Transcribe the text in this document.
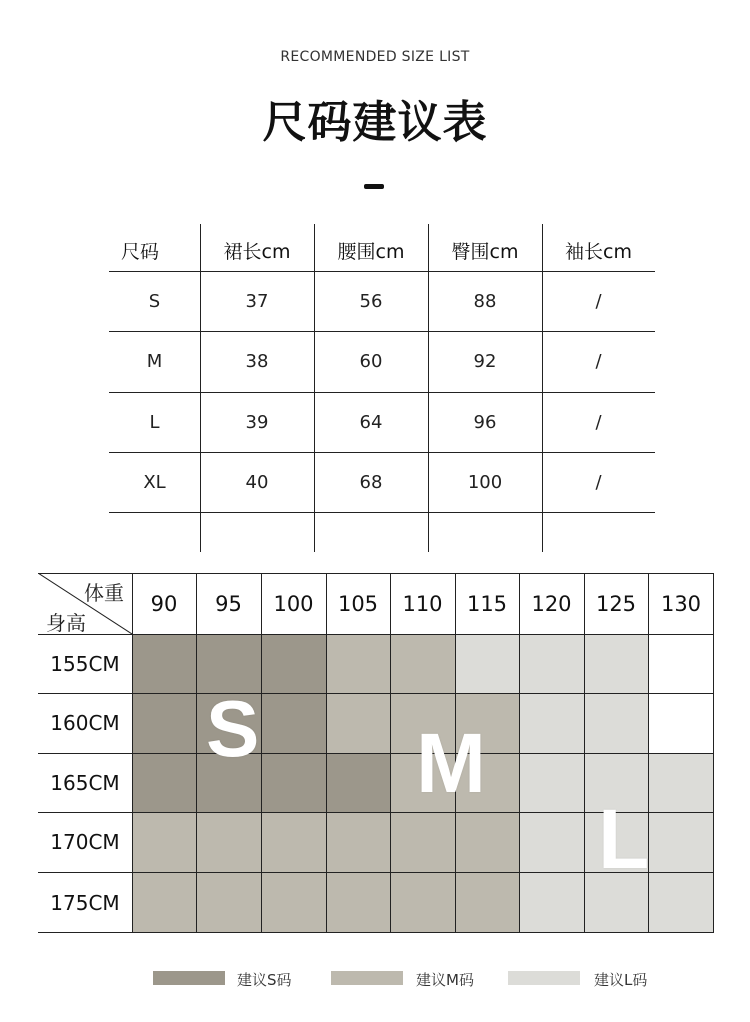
RECOMMENDED SIZE LIST
尺码建议表
尺码	裙长cm	腰围cm	臀围cm	袖长cm
S	37	56	88	/
M	38	60	92	/
L	39	64	96	/
XL	40	68	100	/
体重
身高
90	95	100	105	110	115	120	125	130
155CM
160CM
165CM
170CM
175CM
S M
L
建议S码	建议M码	建议L码
